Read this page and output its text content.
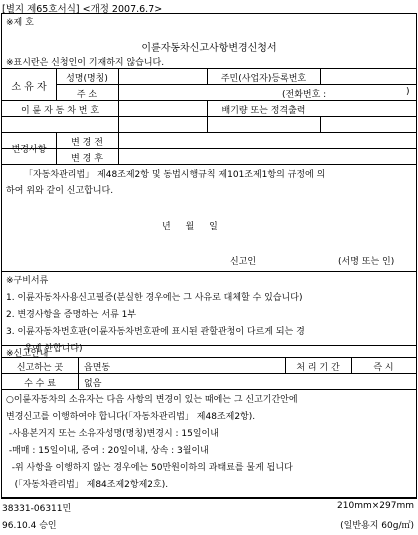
[별지 제65호서식] <개정 2007.6.7>
※제 호
이륜자동차신고사항변경신청서
※표시란은 신청인이 기재하지 않습니다.
소 유 자
성명(명칭)	주민(사업자)등록번호
주 소	(전화번호 :	)
이 륜 자 동 차 번 호	배기량 또는 정격출력
변경사항
변 경 전
변 경 후
「자동차관리법」 제48조제2항 및 동법시행규칙 제101조제1항의 규정에 의
하여 위와 같이 신고합니다.
년 월 일
신고인	(서명 또는 인)
※구비서류
1. 이륜자동차사용신고필증(분실한 경우에는 그 사유로 대체할 수 있습니다)
2. 변경사항을 증명하는 서류 1부
3. 이륜자동차번호판(이륜자동차번호판에 표시된 관할관청이 다르게 되는 경
우에 한합니다)
※신고안내
신고하는 곳	읍면동	처 리 기 간	즉 시
수 수 료	없음
○이륜자동차의 소유자는 다음 사항의 변경이 있는 때에는 그 신고기간안에
변경신고를 이행하여야 합니다(「자동차관리법」 제48조제2항).
-사용본거지 또는 소유자성명(명칭)변경시 : 15일이내
-매매 : 15일이내, 증여 : 20일이내, 상속 : 3월이내
-위 사항을 이행하지 않는 경우에는 50만원이하의 과태료를 물게 됩니다
(「자동차관리법」 제84조제2항제2호).
38331-06311민
96.10.4 승인
210mm×297mm
(일반용지 60g/㎡)
